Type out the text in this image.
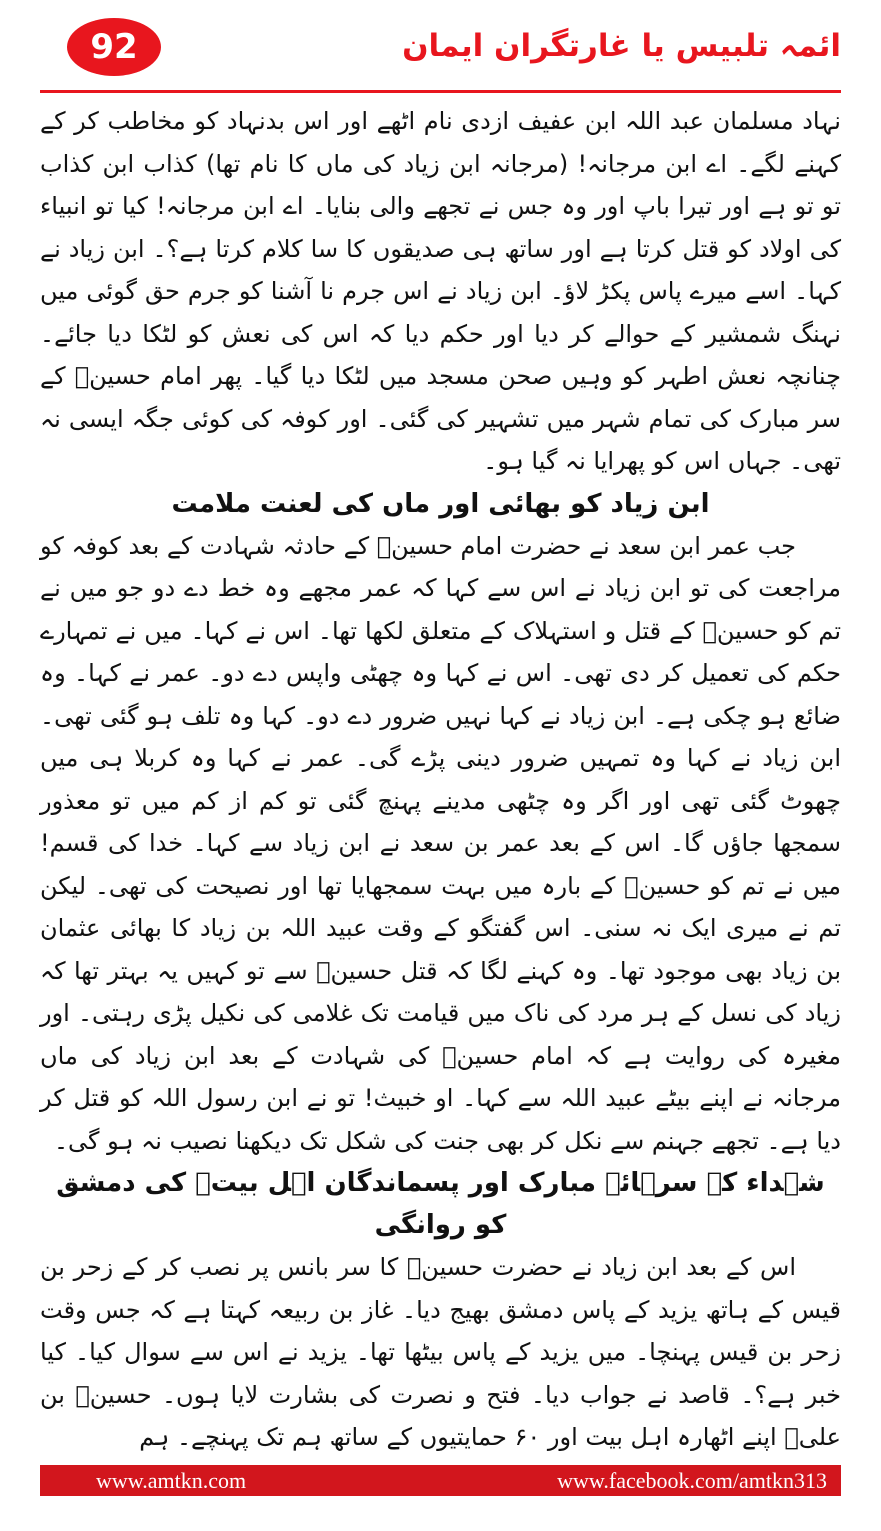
92	ائمہ تلبیس یا غارتگران ایمان

نہاد مسلمان عبد اللہ ابن عفیف ازدی نام اٹھے اور اس بدنہاد کو مخاطب کر کے کہنے لگے۔ اے ابن مرجانہ! (مرجانہ ابن زیاد کی ماں کا نام تھا) کذاب ابن کذاب تو تو ہے اور تیرا باپ اور وہ جس نے تجھے والی بنایا۔ اے ابن مرجانہ! کیا تو انبیاء کی اولاد کو قتل کرتا ہے اور ساتھ ہی صدیقوں کا سا کلام کرتا ہے؟۔ ابن زیاد نے کہا۔ اسے میرے پاس پکڑ لاؤ۔ ابن زیاد نے اس جرم نا آشنا کو جرم حق گوئی میں نہنگ شمشیر کے حوالے کر دیا اور حکم دیا کہ اس کی نعش کو لٹکا دیا جائے۔ چنانچہ نعش اطہر کو وہیں صحن مسجد میں لٹکا دیا گیا۔ پھر امام حسینؓ کے سر مبارک کی تمام شہر میں تشہیر کی گئی۔ اور کوفہ کی کوئی جگہ ایسی نہ تھی۔ جہاں اس کو پھرایا نہ گیا ہو۔

ابن زیاد کو بھائی اور ماں کی لعنت ملامت

جب عمر ابن سعد نے حضرت امام حسینؓ کے حادثہ شہادت کے بعد کوفہ کو مراجعت کی تو ابن زیاد نے اس سے کہا کہ عمر مجھے وہ خط دے دو جو میں نے تم کو حسینؓ کے قتل و استہلاک کے متعلق لکھا تھا۔ اس نے کہا۔ میں نے تمہارے حکم کی تعمیل کر دی تھی۔ اس نے کہا وہ چھٹی واپس دے دو۔ عمر نے کہا۔ وہ ضائع ہو چکی ہے۔ ابن زیاد نے کہا نہیں ضرور دے دو۔ کہا وہ تلف ہو گئی تھی۔ ابن زیاد نے کہا وہ تمہیں ضرور دینی پڑے گی۔ عمر نے کہا وہ کربلا ہی میں چھوٹ گئی تھی اور اگر وہ چٹھی مدینے پہنچ گئی تو کم از کم میں تو معذور سمجھا جاؤں گا۔ اس کے بعد عمر بن سعد نے ابن زیاد سے کہا۔ خدا کی قسم! میں نے تم کو حسینؓ کے بارہ میں بہت سمجھایا تھا اور نصیحت کی تھی۔ لیکن تم نے میری ایک نہ سنی۔ اس گفتگو کے وقت عبید اللہ بن زیاد کا بھائی عثمان بن زیاد بھی موجود تھا۔ وہ کہنے لگا کہ قتل حسینؓ سے تو کہیں یہ بہتر تھا کہ زیاد کی نسل کے ہر مرد کی ناک میں قیامت تک غلامی کی نکیل پڑی رہتی۔ اور مغیرہ کی روایت ہے کہ امام حسینؓ کی شہادت کے بعد ابن زیاد کی ماں مرجانہ نے اپنے بیٹے عبید اللہ سے کہا۔ او خبیث! تو نے ابن رسول اللہ کو قتل کر دیا ہے۔ تجھے جہنم سے نکل کر بھی جنت کی شکل تک دیکھنا نصیب نہ ہو گی۔

شہداء کے سرہائے مبارک اور پسماندگان اہل بیتؓ کی دمشق کو روانگی

اس کے بعد ابن زیاد نے حضرت حسینؓ کا سر بانس پر نصب کر کے زحر بن قیس کے ہاتھ یزید کے پاس دمشق بھیج دیا۔ غاز بن ربیعہ کہتا ہے کہ جس وقت زحر بن قیس پہنچا۔ میں یزید کے پاس بیٹھا تھا۔ یزید نے اس سے سوال کیا۔ کیا خبر ہے؟۔ قاصد نے جواب دیا۔ فتح و نصرت کی بشارت لایا ہوں۔ حسینؓ بن علیؓ اپنے اٹھارہ اہل بیت اور ۶۰ حمایتیوں کے ساتھ ہم تک پہنچے۔ ہم

www.amtkn.com	www.facebook.com/amtkn313
